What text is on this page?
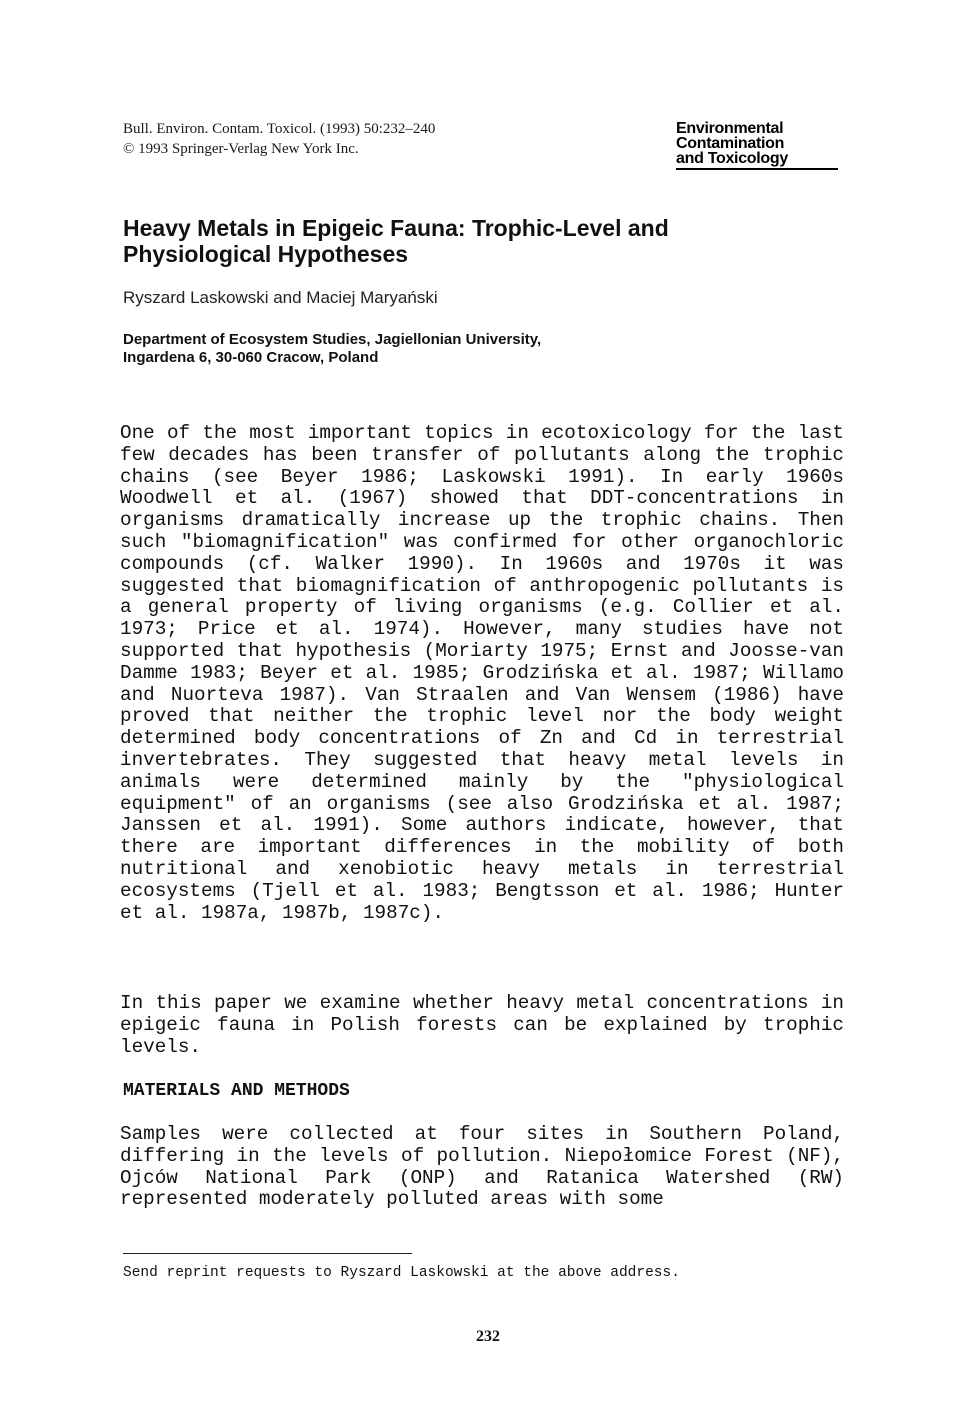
Bull. Environ. Contam. Toxicol. (1993) 50:232–240
© 1993 Springer-Verlag New York Inc.
Environmental
Contamination
and Toxicology
Heavy Metals in Epigeic Fauna: Trophic-Level and
Physiological Hypotheses
Ryszard Laskowski and Maciej Maryański
Department of Ecosystem Studies, Jagiellonian University,
Ingardena 6, 30-060 Cracow, Poland
One of the most important topics in ecotoxicology for the last few decades has been transfer of pollutants along the trophic chains (see Beyer 1986; Laskowski 1991). In early 1960s Woodwell et al. (1967) showed that DDT-concentrations in organisms dramatically increase up the trophic chains. Then such "biomagnification" was confirmed for other organochloric compounds (cf. Walker 1990). In 1960s and 1970s it was suggested that biomagnification of anthropogenic pollutants is a general property of living organisms (e.g. Collier et al. 1973; Price et al. 1974). However, many studies have not supported that hypothesis (Moriarty 1975; Ernst and Joosse-van Damme 1983; Beyer et al. 1985; Grodzińska et al. 1987; Willamo and Nuorteva 1987). Van Straalen and Van Wensem (1986) have proved that neither the trophic level nor the body weight determined body concentrations of Zn and Cd in terrestrial invertebrates. They suggested that heavy metal levels in animals were determined mainly by the "physiological equipment" of an organisms (see also Grodzińska et al. 1987; Janssen et al. 1991). Some authors indicate, however, that there are important differences in the mobility of both nutritional and xenobiotic heavy metals in terrestrial ecosystems (Tjell et al. 1983; Bengtsson et al. 1986; Hunter et al. 1987a, 1987b, 1987c).
In this paper we examine whether heavy metal concentrations in epigeic fauna in Polish forests can be explained by trophic levels.
MATERIALS AND METHODS
Samples were collected at four sites in Southern Poland, differing in the levels of pollution. Niepołomice Forest (NF), Ojców National Park (ONP) and Ratanica Watershed (RW) represented moderately polluted areas with some
Send reprint requests to Ryszard Laskowski at the above address.
232
